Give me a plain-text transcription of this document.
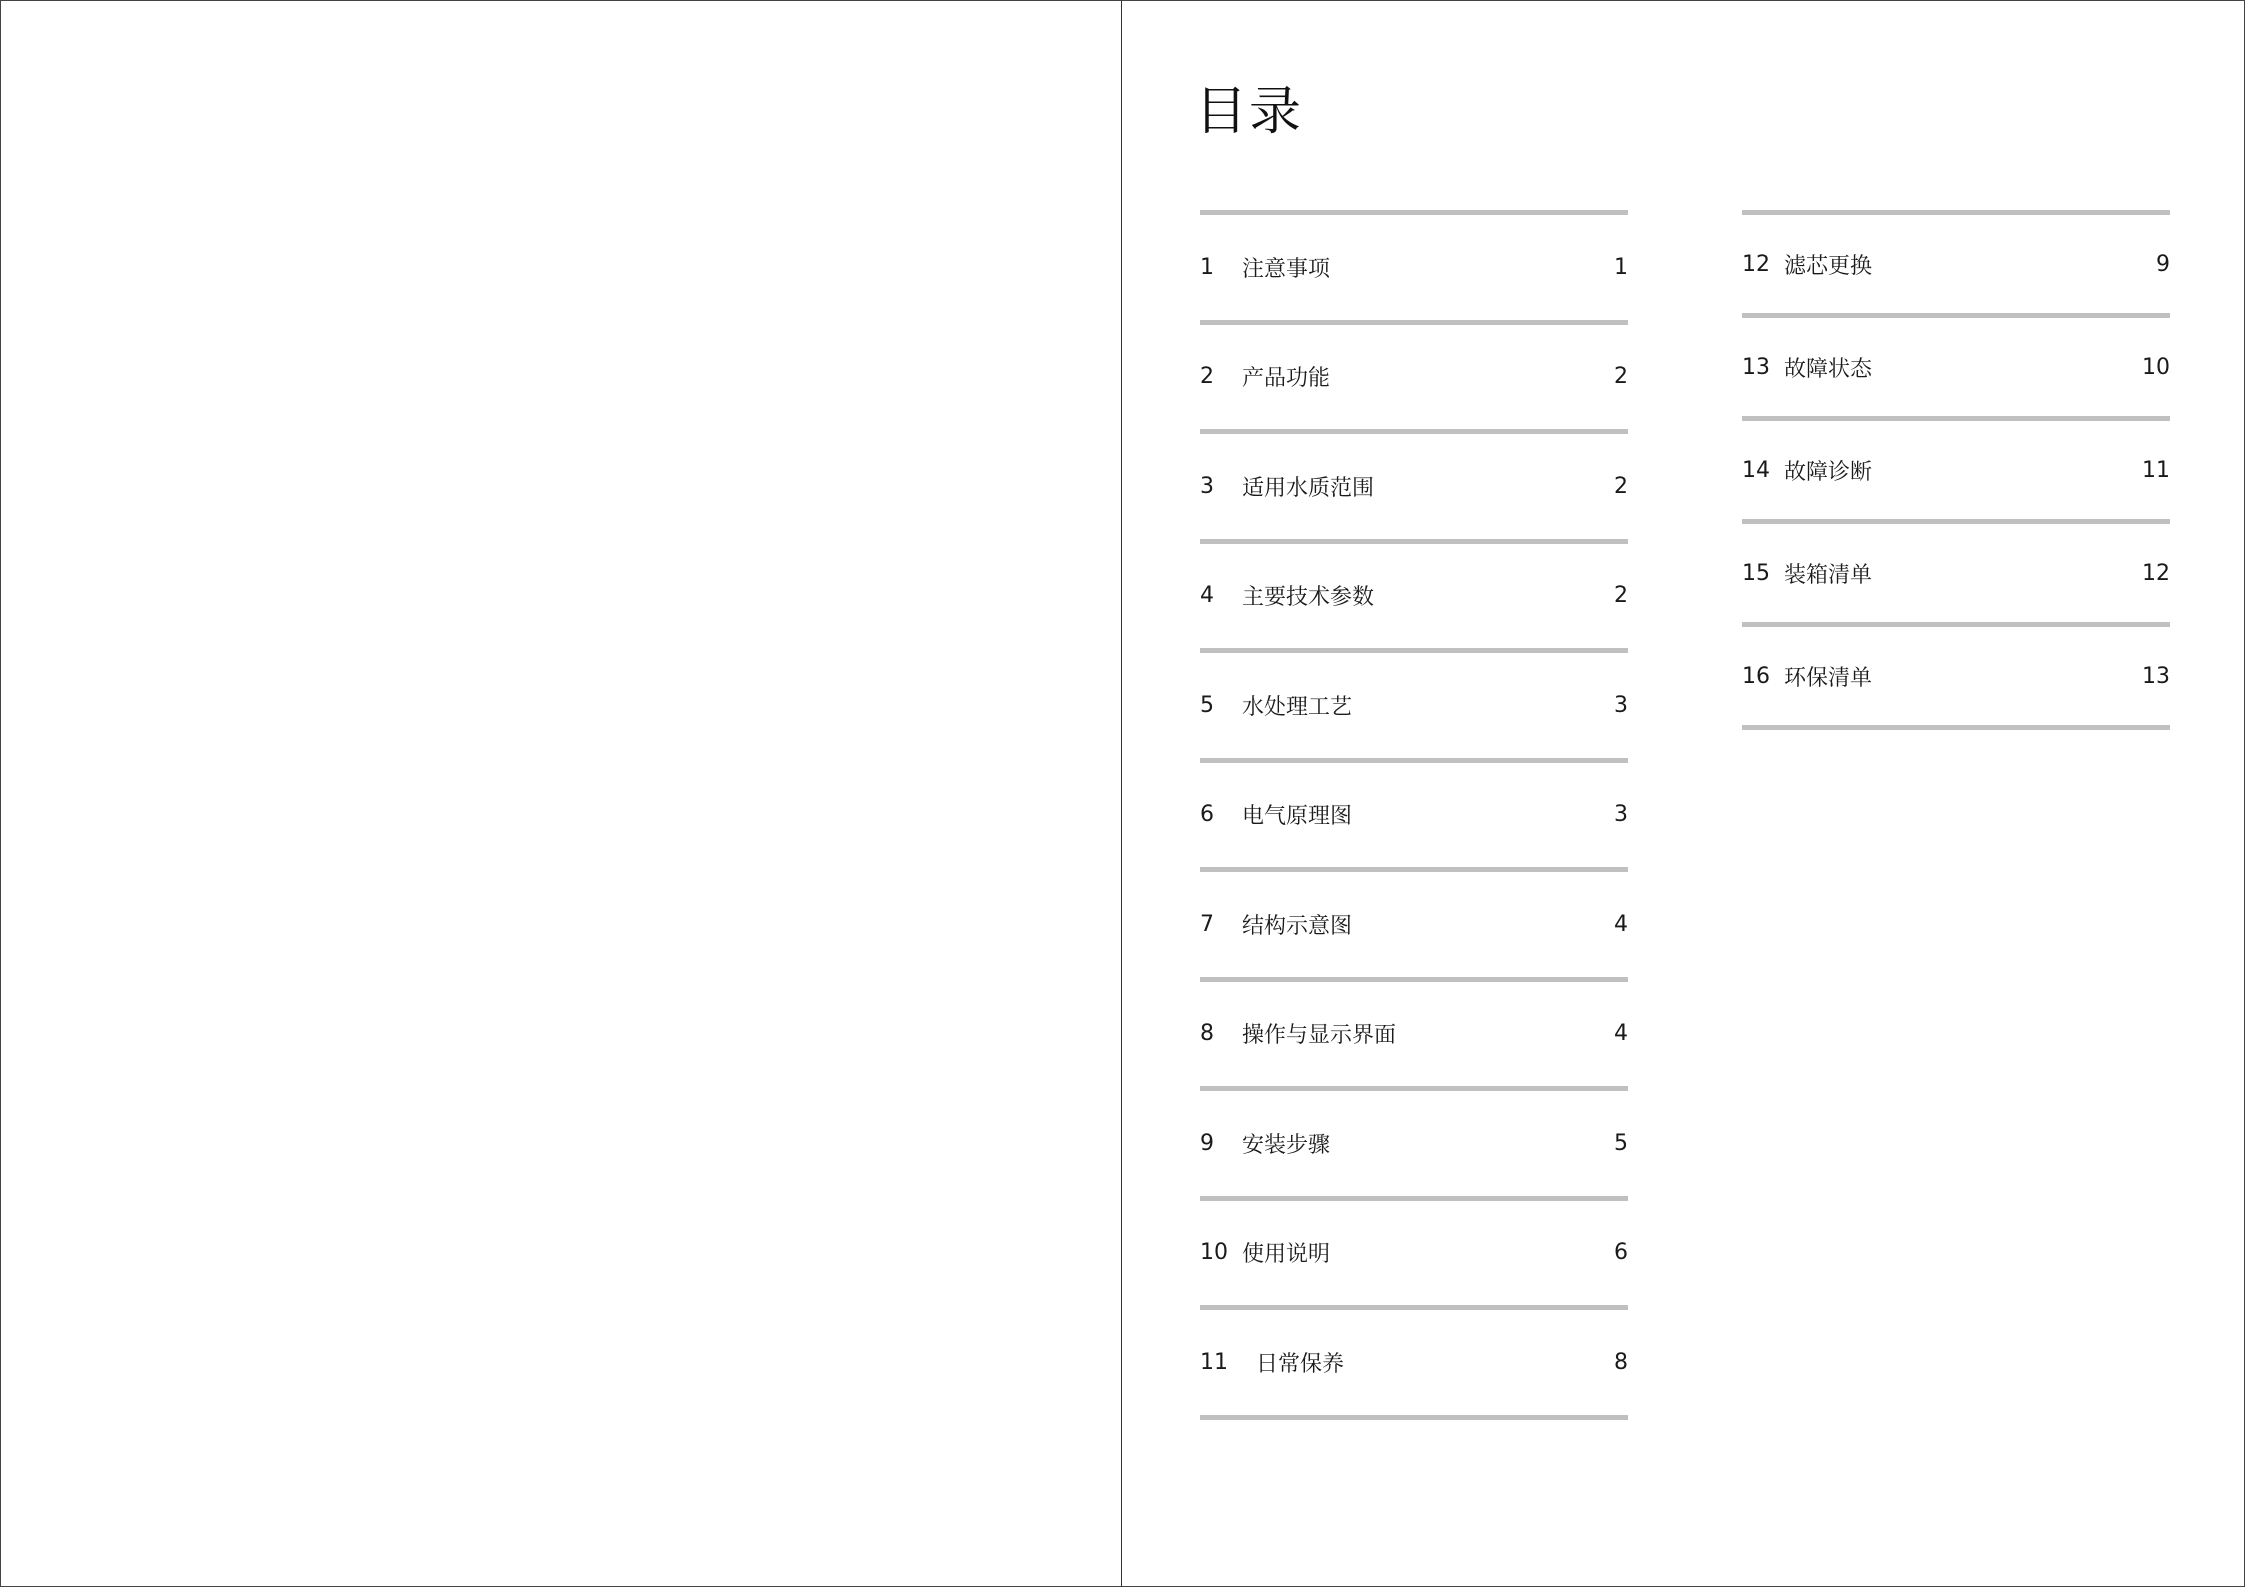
目录
1	注意事项	1
2	产品功能	2
3	适用水质范围	2
4	主要技术参数	2
5	水处理工艺	3
6	电气原理图	3
7	结构示意图	4
8	操作与显示界面	4
9	安装步骤	5
10 使用说明	6
11	日常保养	8
12 滤芯更换	9
13 故障状态	10
14 故障诊断	11
15 装箱清单	12
16 环保清单	13
